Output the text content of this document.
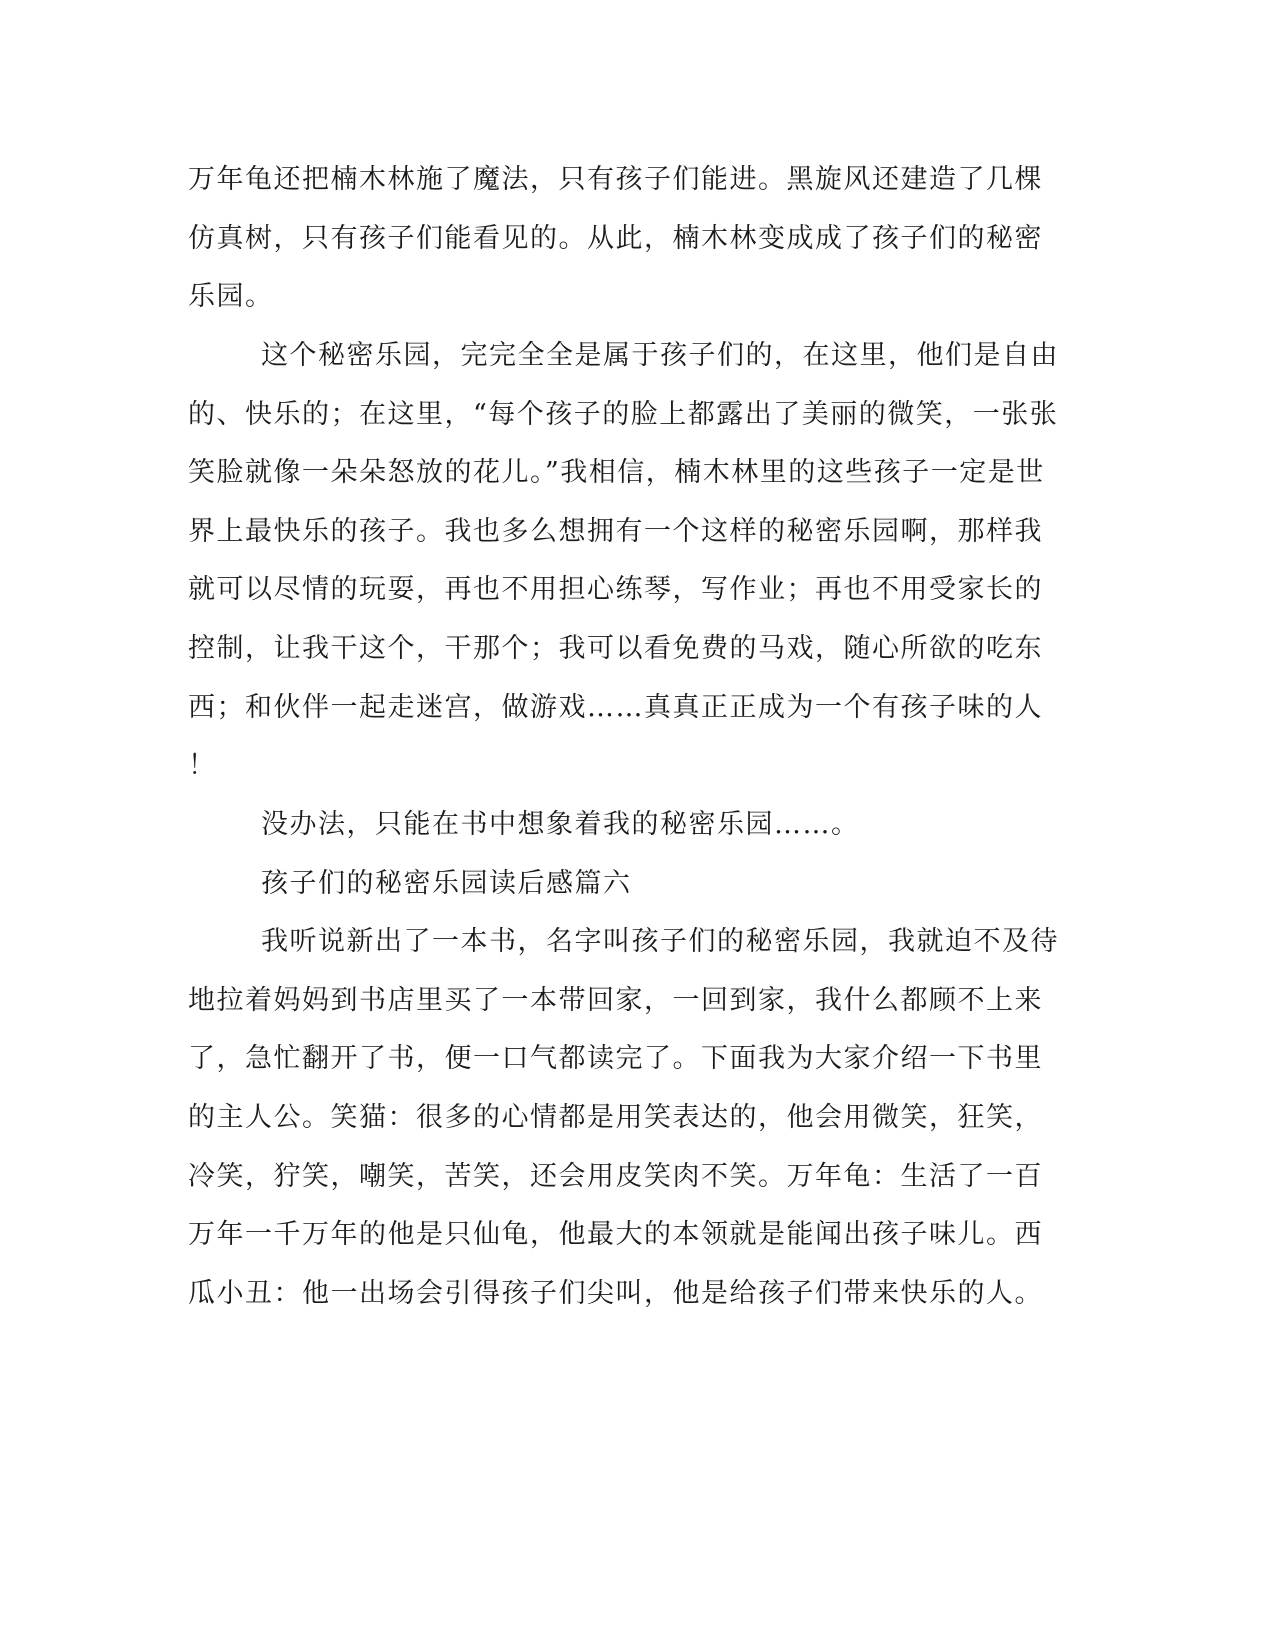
万年龟还把楠木林施了魔法，只有孩子们能进。黑旋风还建造了几棵
仿真树，只有孩子们能看见的。从此，楠木林变成成了孩子们的秘密
乐园。
这个秘密乐园，完完全全是属于孩子们的，在这里，他们是自由
的、快乐的；在这里，“每个孩子的脸上都露出了美丽的微笑，一张张
笑脸就像一朵朵怒放的花儿。”我相信，楠木林里的这些孩子一定是世
界上最快乐的孩子。我也多么想拥有一个这样的秘密乐园啊，那样我
就可以尽情的玩耍，再也不用担心练琴，写作业；再也不用受家长的
控制，让我干这个，干那个；我可以看免费的马戏，随心所欲的吃东
西；和伙伴一起走迷宫，做游戏……真真正正成为一个有孩子味的人
！
没办法，只能在书中想象着我的秘密乐园……。
孩子们的秘密乐园读后感篇六
我听说新出了一本书，名字叫孩子们的秘密乐园，我就迫不及待
地拉着妈妈到书店里买了一本带回家，一回到家，我什么都顾不上来
了，急忙翻开了书，便一口气都读完了。下面我为大家介绍一下书里
的主人公。笑猫：很多的心情都是用笑表达的，他会用微笑，狂笑，
冷笑，狞笑，嘲笑，苦笑，还会用皮笑肉不笑。万年龟：生活了一百
万年一千万年的他是只仙龟，他最大的本领就是能闻出孩子味儿。西
瓜小丑：他一出场会引得孩子们尖叫，他是给孩子们带来快乐的人。
